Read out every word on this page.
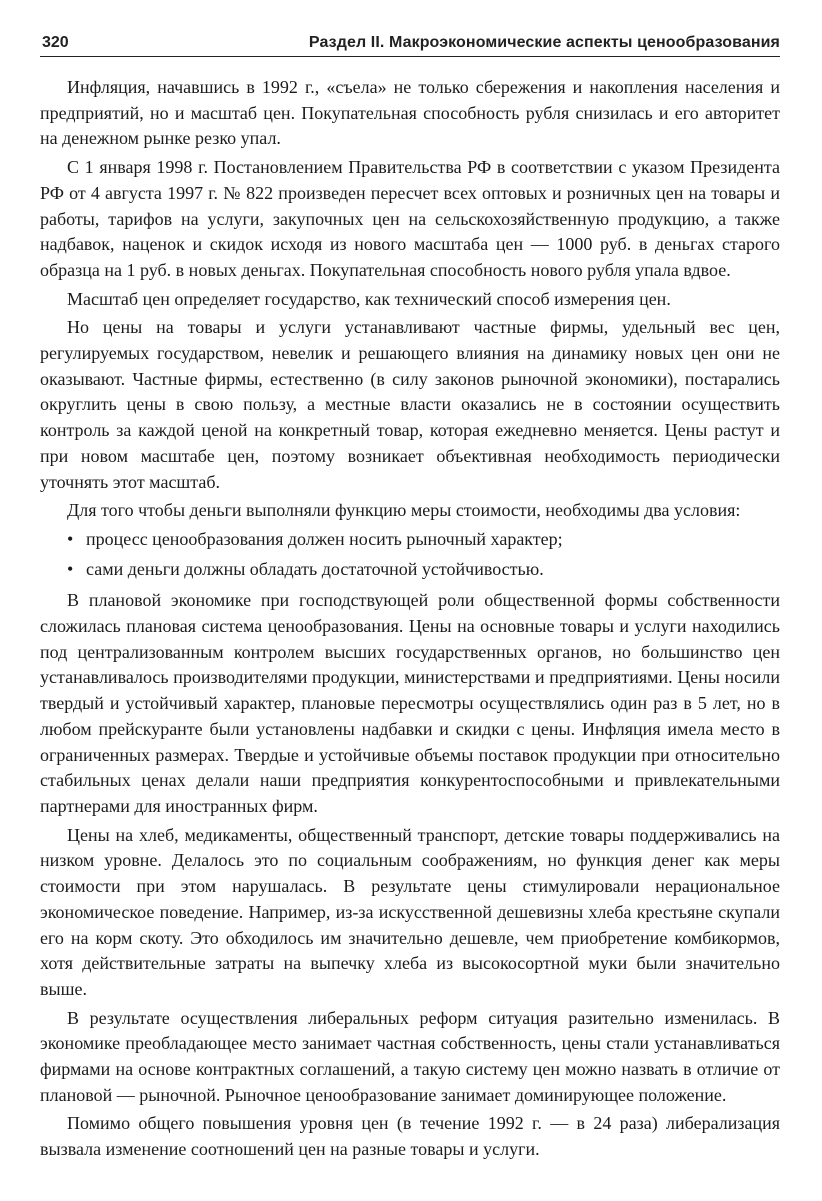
320	Раздел II. Макроэкономические аспекты ценообразования

Инфляция, начавшись в 1992 г., «съела» не только сбережения и накопления населения и предприятий, но и масштаб цен. Покупательная способность рубля снизилась и его авторитет на денежном рынке резко упал.

С 1 января 1998 г. Постановлением Правительства РФ в соответствии с указом Президента РФ от 4 августа 1997 г. № 822 произведен пересчет всех оптовых и розничных цен на товары и работы, тарифов на услуги, закупочных цен на сельскохозяйственную продукцию, а также надбавок, наценок и скидок исходя из нового масштаба цен — 1000 руб. в деньгах старого образца на 1 руб. в новых деньгах. Покупательная способность нового рубля упала вдвое.

Масштаб цен определяет государство, как технический способ измерения цен.

Но цены на товары и услуги устанавливают частные фирмы, удельный вес цен, регулируемых государством, невелик и решающего влияния на динамику новых цен они не оказывают. Частные фирмы, естественно (в силу законов рыночной экономики), постарались округлить цены в свою пользу, а местные власти оказались не в состоянии осуществить контроль за каждой ценой на конкретный товар, которая ежедневно меняется. Цены растут и при новом масштабе цен, поэтому возникает объективная необходимость периодически уточнять этот масштаб.

Для того чтобы деньги выполняли функцию меры стоимости, необходимы два условия:

• процесс ценообразования должен носить рыночный характер;
• сами деньги должны обладать достаточной устойчивостью.

В плановой экономике при господствующей роли общественной формы собственности сложилась плановая система ценообразования. Цены на основные товары и услуги находились под централизованным контролем высших государственных органов, но большинство цен устанавливалось производителями продукции, министерствами и предприятиями. Цены носили твердый и устойчивый характер, плановые пересмотры осуществлялись один раз в 5 лет, но в любом прейскуранте были установлены надбавки и скидки с цены. Инфляция имела место в ограниченных размерах. Твердые и устойчивые объемы поставок продукции при относительно стабильных ценах делали наши предприятия конкурентоспособными и привлекательными партнерами для иностранных фирм.

Цены на хлеб, медикаменты, общественный транспорт, детские товары поддерживались на низком уровне. Делалось это по социальным соображениям, но функция денег как меры стоимости при этом нарушалась. В результате цены стимулировали нерациональное экономическое поведение. Например, из-за искусственной дешевизны хлеба крестьяне скупали его на корм скоту. Это обходилось им значительно дешевле, чем приобретение комбикормов, хотя действительные затраты на выпечку хлеба из высокосортной муки были значительно выше.

В результате осуществления либеральных реформ ситуация разительно изменилась. В экономике преобладающее место занимает частная собственность, цены стали устанавливаться фирмами на основе контрактных соглашений, а такую систему цен можно назвать в отличие от плановой — рыночной. Рыночное ценообразование занимает доминирующее положение.

Помимо общего повышения уровня цен (в течение 1992 г. — в 24 раза) либерализация вызвала изменение соотношений цен на разные товары и услуги.
